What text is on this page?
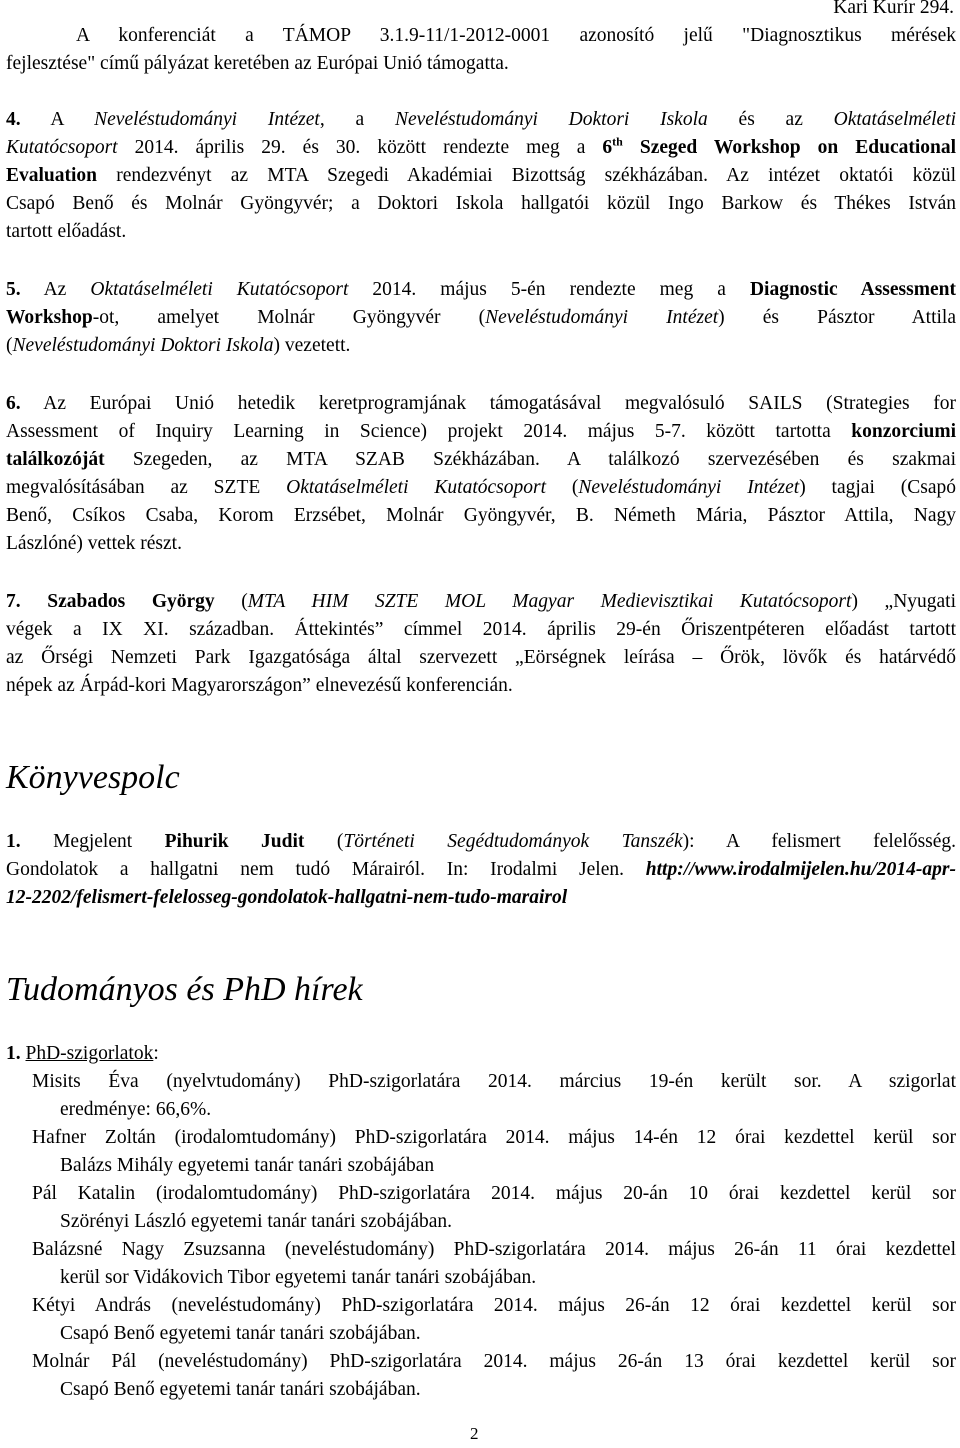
Kari Kurír 294.
A konferenciát a TÁMOP 3.1.9-11/1-2012-0001 azonosító jelű "Diagnosztikus mérések
fejlesztése" című pályázat keretében az Európai Unió támogatta.
4. A Neveléstudományi Intézet, a Neveléstudományi Doktori Iskola és az Oktatáselméleti
Kutatócsoport 2014. április 29. és 30. között rendezte meg a 6th Szeged Workshop on Educational
Evaluation rendezvényt az MTA Szegedi Akadémiai Bizottság székházában. Az intézet oktatói közül
Csapó Benő és Molnár Gyöngyvér; a Doktori Iskola hallgatói közül Ingo Barkow és Thékes István
tartott előadást.
5. Az Oktatáselméleti Kutatócsoport 2014. május 5-én rendezte meg a Diagnostic Assessment
Workshop-ot, amelyet Molnár Gyöngyvér (Neveléstudományi Intézet) és Pásztor Attila
(Neveléstudományi Doktori Iskola) vezetett.
6. Az Európai Unió hetedik keretprogramjának támogatásával megvalósuló SAILS (Strategies for
Assessment of Inquiry Learning in Science) projekt 2014. május 5-7. között tartotta konzorciumi
találkozóját Szegeden, az MTA SZAB Székházában. A találkozó szervezésében és szakmai
megvalósításában az SZTE Oktatáselméleti Kutatócsoport (Neveléstudományi Intézet) tagjai (Csapó
Benő, Csíkos Csaba, Korom Erzsébet, Molnár Gyöngyvér, B. Németh Mária, Pásztor Attila, Nagy
Lászlóné) vettek részt.
7. Szabados György (MTA HIM SZTE MOL Magyar Medievisztikai Kutatócsoport) „Nyugati
végek a IX XI. században. Áttekintés” címmel 2014. április 29-én Őriszentpéteren előadást tartott
az Őrségi Nemzeti Park Igazgatósága által szervezett „Eörségnek leírása – Őrök, lövők és határvédő
népek az Árpád-kori Magyarországon” elnevezésű konferencián.
Könyvespolc
1. Megjelent Pihurik Judit (Történeti Segédtudományok Tanszék): A felismert felelősség.
Gondolatok a hallgatni nem tudó Márairól. In: Irodalmi Jelen. http://www.irodalmijelen.hu/2014-apr-
12-2202/felismert-felelosseg-gondolatok-hallgatni-nem-tudo-marairol
Tudományos és PhD hírek
1. PhD-szigorlatok:
Misits Éva (nyelvtudomány) PhD-szigorlatára 2014. március 19-én került sor. A szigorlat
eredménye: 66,6%.
Hafner Zoltán (irodalomtudomány) PhD-szigorlatára 2014. május 14-én 12 órai kezdettel kerül sor
Balázs Mihály egyetemi tanár tanári szobájában
Pál Katalin (irodalomtudomány) PhD-szigorlatára 2014. május 20-án 10 órai kezdettel kerül sor
Szörényi László egyetemi tanár tanári szobájában.
Balázsné Nagy Zsuzsanna (neveléstudomány) PhD-szigorlatára 2014. május 26-án 11 órai kezdettel
kerül sor Vidákovich Tibor egyetemi tanár tanári szobájában.
Kétyi András (neveléstudomány) PhD-szigorlatára 2014. május 26-án 12 órai kezdettel kerül sor
Csapó Benő egyetemi tanár tanári szobájában.
Molnár Pál (neveléstudomány) PhD-szigorlatára 2014. május 26-án 13 órai kezdettel kerül sor
Csapó Benő egyetemi tanár tanári szobájában.
2
